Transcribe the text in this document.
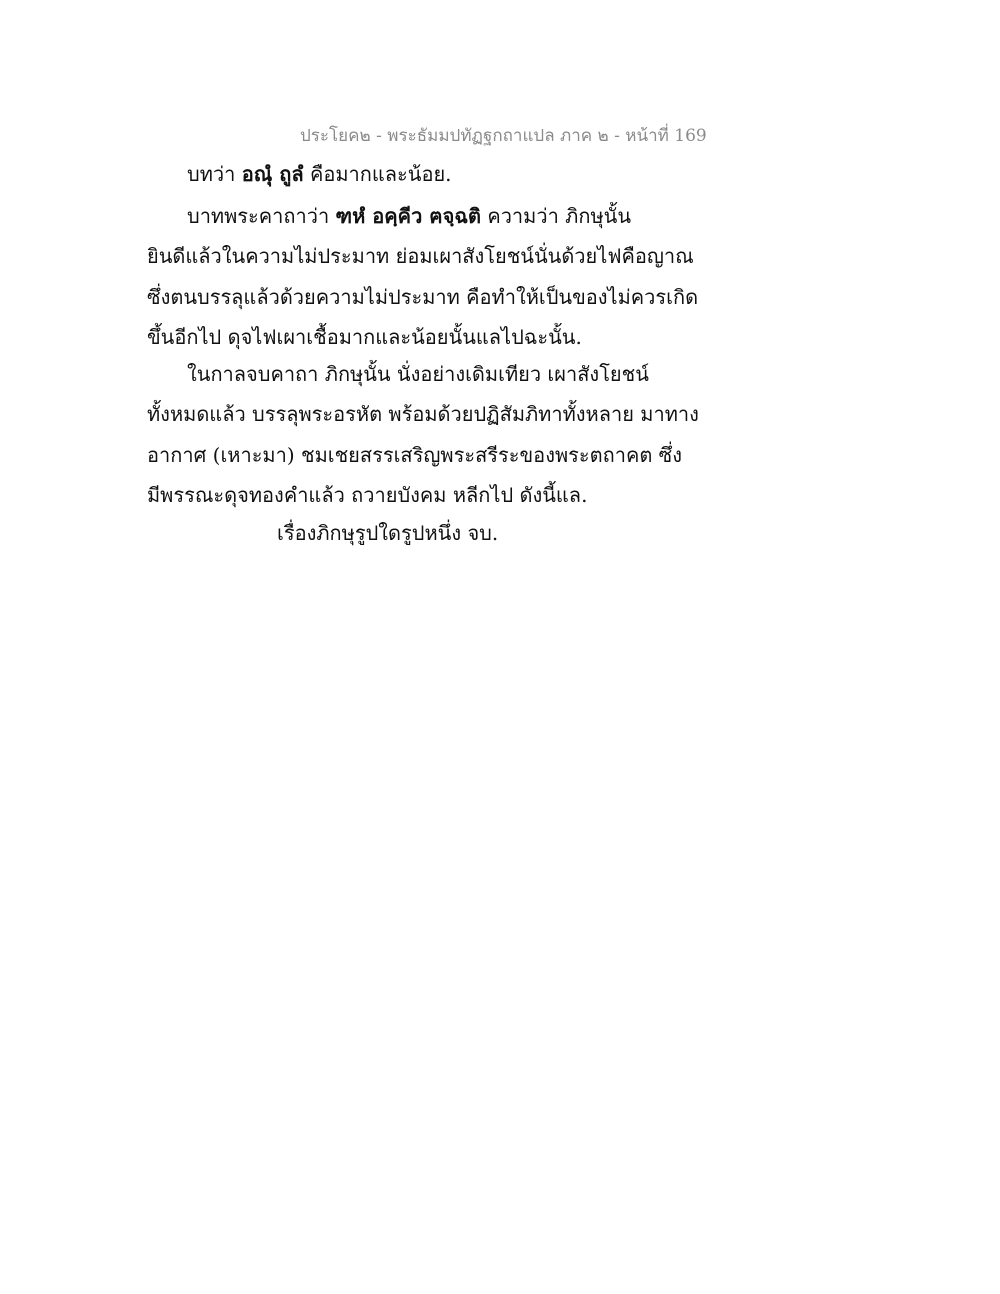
ประโยค๒ - พระธัมมปทัฏฐกถาแปล ภาค ๒ - หน้าที่ 169
บทว่า อณุํ ถูลํ คือมากและน้อย.
บาทพระคาถาว่า ฑหํ อคฺคีว ฅจฺฉติ ความว่า ภิกษุนั้น
ยินดีแล้วในความไม่ประมาท ย่อมเผาสังโยชน์นั่นด้วยไฟคือญาณ
ซึ่งตนบรรลุแล้วด้วยความไม่ประมาท คือทำให้เป็นของไม่ควรเกิด
ขึ้นอีกไป ดุจไฟเผาเชื้อมากและน้อยนั้นแลไปฉะนั้น.
ในกาลจบคาถา ภิกษุนั้น นั่งอย่างเดิมเทียว เผาสังโยชน์
ทั้งหมดแล้ว บรรลุพระอรหัต พร้อมด้วยปฏิสัมภิทาทั้งหลาย มาทาง
อากาศ (เหาะมา) ชมเชยสรรเสริญพระสรีระของพระตถาคต ซึ่ง
มีพรรณะดุจทองคำแล้ว ถวายบังคม หลีกไป ดังนี้แล.
เรื่องภิกษุรูปใดรูปหนึ่ง จบ.
